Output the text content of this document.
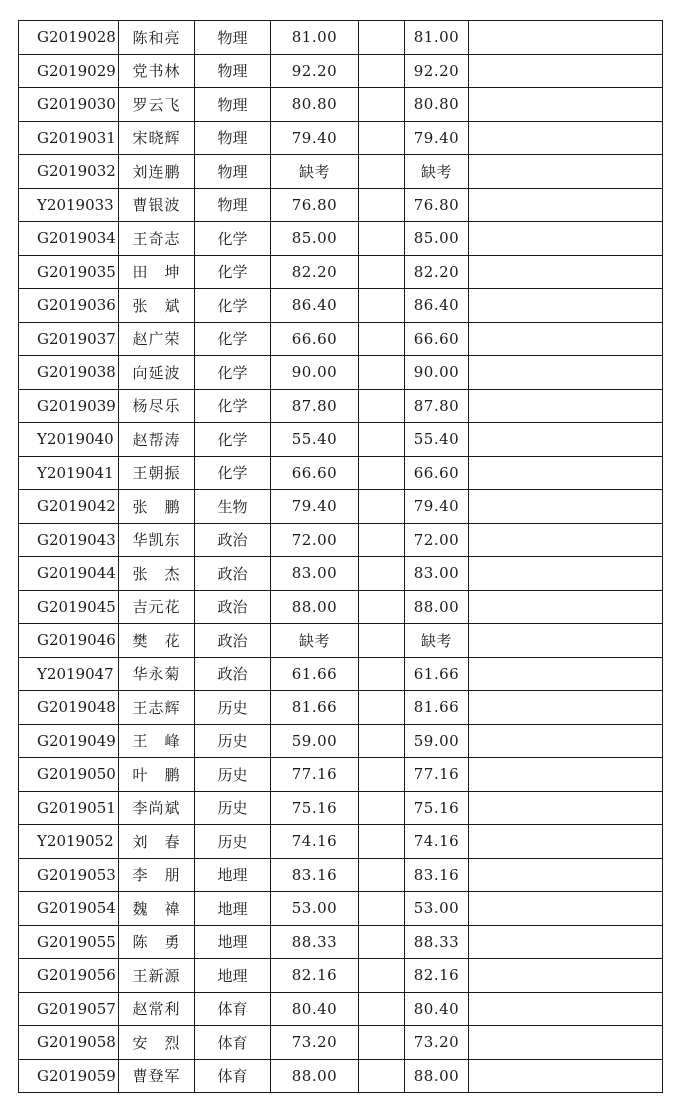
G2019028	陈和亮	物理	81.00		81.00	
G2019029	党书林	物理	92.20		92.20	
G2019030	罗云飞	物理	80.80		80.80	
G2019031	宋晓辉	物理	79.40		79.40	
G2019032	刘连鹏	物理	缺考		缺考	
Y2019033	曹银波	物理	76.80		76.80	
G2019034	王奇志	化学	85.00		85.00	
G2019035	田　坤	化学	82.20		82.20	
G2019036	张　斌	化学	86.40		86.40	
G2019037	赵广荣	化学	66.60		66.60	
G2019038	向延波	化学	90.00		90.00	
G2019039	杨尽乐	化学	87.80		87.80	
Y2019040	赵帮涛	化学	55.40		55.40	
Y2019041	王朝振	化学	66.60		66.60	
G2019042	张　鹏	生物	79.40		79.40	
G2019043	华凯东	政治	72.00		72.00	
G2019044	张　杰	政治	83.00		83.00	
G2019045	吉元花	政治	88.00		88.00	
G2019046	樊　花	政治	缺考		缺考	
Y2019047	华永菊	政治	61.66		61.66	
G2019048	王志辉	历史	81.66		81.66	
G2019049	王　峰	历史	59.00		59.00	
G2019050	叶　鹏	历史	77.16		77.16	
G2019051	李尚斌	历史	75.16		75.16	
Y2019052	刘　春	历史	74.16		74.16	
G2019053	李　朋	地理	83.16		83.16	
G2019054	魏　禕	地理	53.00		53.00	
G2019055	陈　勇	地理	88.33		88.33	
G2019056	王新源	地理	82.16		82.16	
G2019057	赵常利	体育	80.40		80.40	
G2019058	安　烈	体育	73.20		73.20	
G2019059	曹登军	体育	88.00		88.00	
